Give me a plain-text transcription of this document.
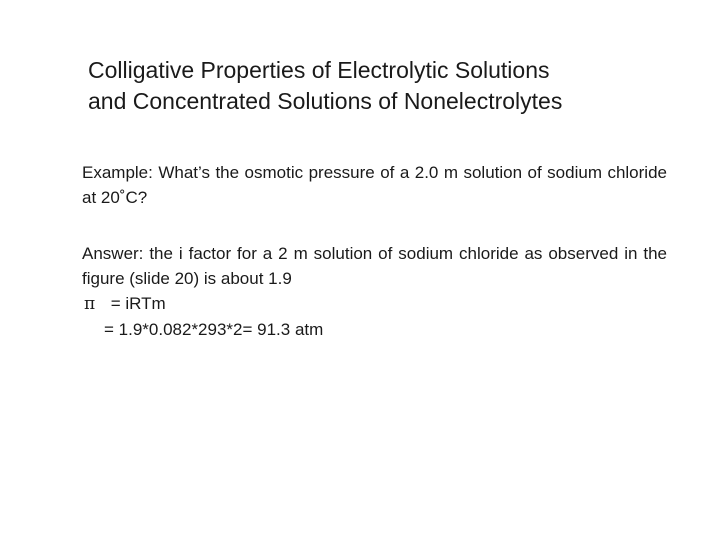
Colligative Properties of Electrolytic Solutions
and Concentrated Solutions of Nonelectrolytes

Example: What’s the osmotic pressure of a 2.0 m solution of sodium chloride at 20˚C?

Answer: the i factor for a 2 m solution of sodium chloride as observed in the figure (slide 20) is about 1.9

π = iRTm

= 1.9*0.082*293*2= 91.3 atm
